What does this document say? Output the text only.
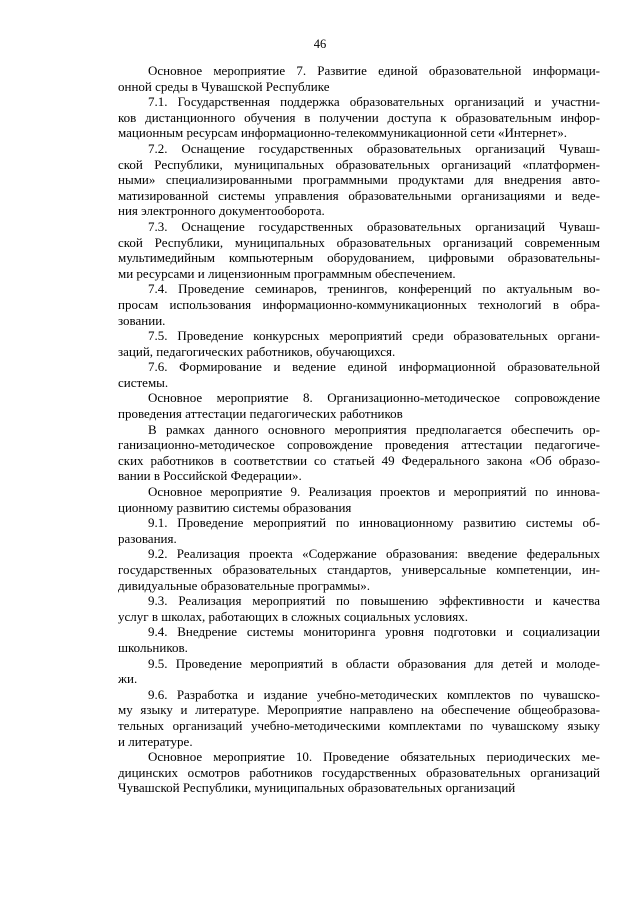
46
Основное мероприятие 7. Развитие единой образовательной информаци-
онной среды в Чувашской Республике
7.1. Государственная поддержка образовательных организаций и участни-
ков дистанционного обучения в получении доступа к образовательным инфор-
мационным ресурсам информационно-телекоммуникационной сети «Интернет».
7.2. Оснащение государственных образовательных организаций Чуваш-
ской Республики, муниципальных образовательных организаций «платформен-
ными» специализированными программными продуктами для внедрения авто-
матизированной системы управления образовательными организациями и веде-
ния электронного документооборота.
7.3. Оснащение государственных образовательных организаций Чуваш-
ской Республики, муниципальных образовательных организаций современным
мультимедийным компьютерным оборудованием, цифровыми образовательны-
ми ресурсами и лицензионным программным обеспечением.
7.4. Проведение семинаров, тренингов, конференций по актуальным во-
просам использования информационно-коммуникационных технологий в обра-
зовании.
7.5. Проведение конкурсных мероприятий среди образовательных органи-
заций, педагогических работников, обучающихся.
7.6. Формирование и ведение единой информационной образовательной
системы.
Основное мероприятие 8. Организационно-методическое сопровождение
проведения аттестации педагогических работников
В рамках данного основного мероприятия предполагается обеспечить ор-
ганизационно-методическое сопровождение проведения аттестации педагогиче-
ских работников в соответствии со статьей 49 Федерального закона «Об образо-
вании в Российской Федерации».
Основное мероприятие 9. Реализация проектов и мероприятий по иннова-
ционному развитию системы образования
9.1. Проведение мероприятий по инновационному развитию системы об-
разования.
9.2. Реализация проекта «Содержание образования: введение федеральных
государственных образовательных стандартов, универсальные компетенции, ин-
дивидуальные образовательные программы».
9.3. Реализация мероприятий по повышению эффективности и качества
услуг в школах, работающих в сложных социальных условиях.
9.4. Внедрение системы мониторинга уровня подготовки и социализации
школьников.
9.5. Проведение мероприятий в области образования для детей и молоде-
жи.
9.6. Разработка и издание учебно-методических комплектов по чувашско-
му языку и литературе. Мероприятие направлено на обеспечение общеобразова-
тельных организаций учебно-методическими комплектами по чувашскому языку
и литературе.
Основное мероприятие 10. Проведение обязательных периодических ме-
дицинских осмотров работников государственных образовательных организаций
Чувашской Республики, муниципальных образовательных организаций
